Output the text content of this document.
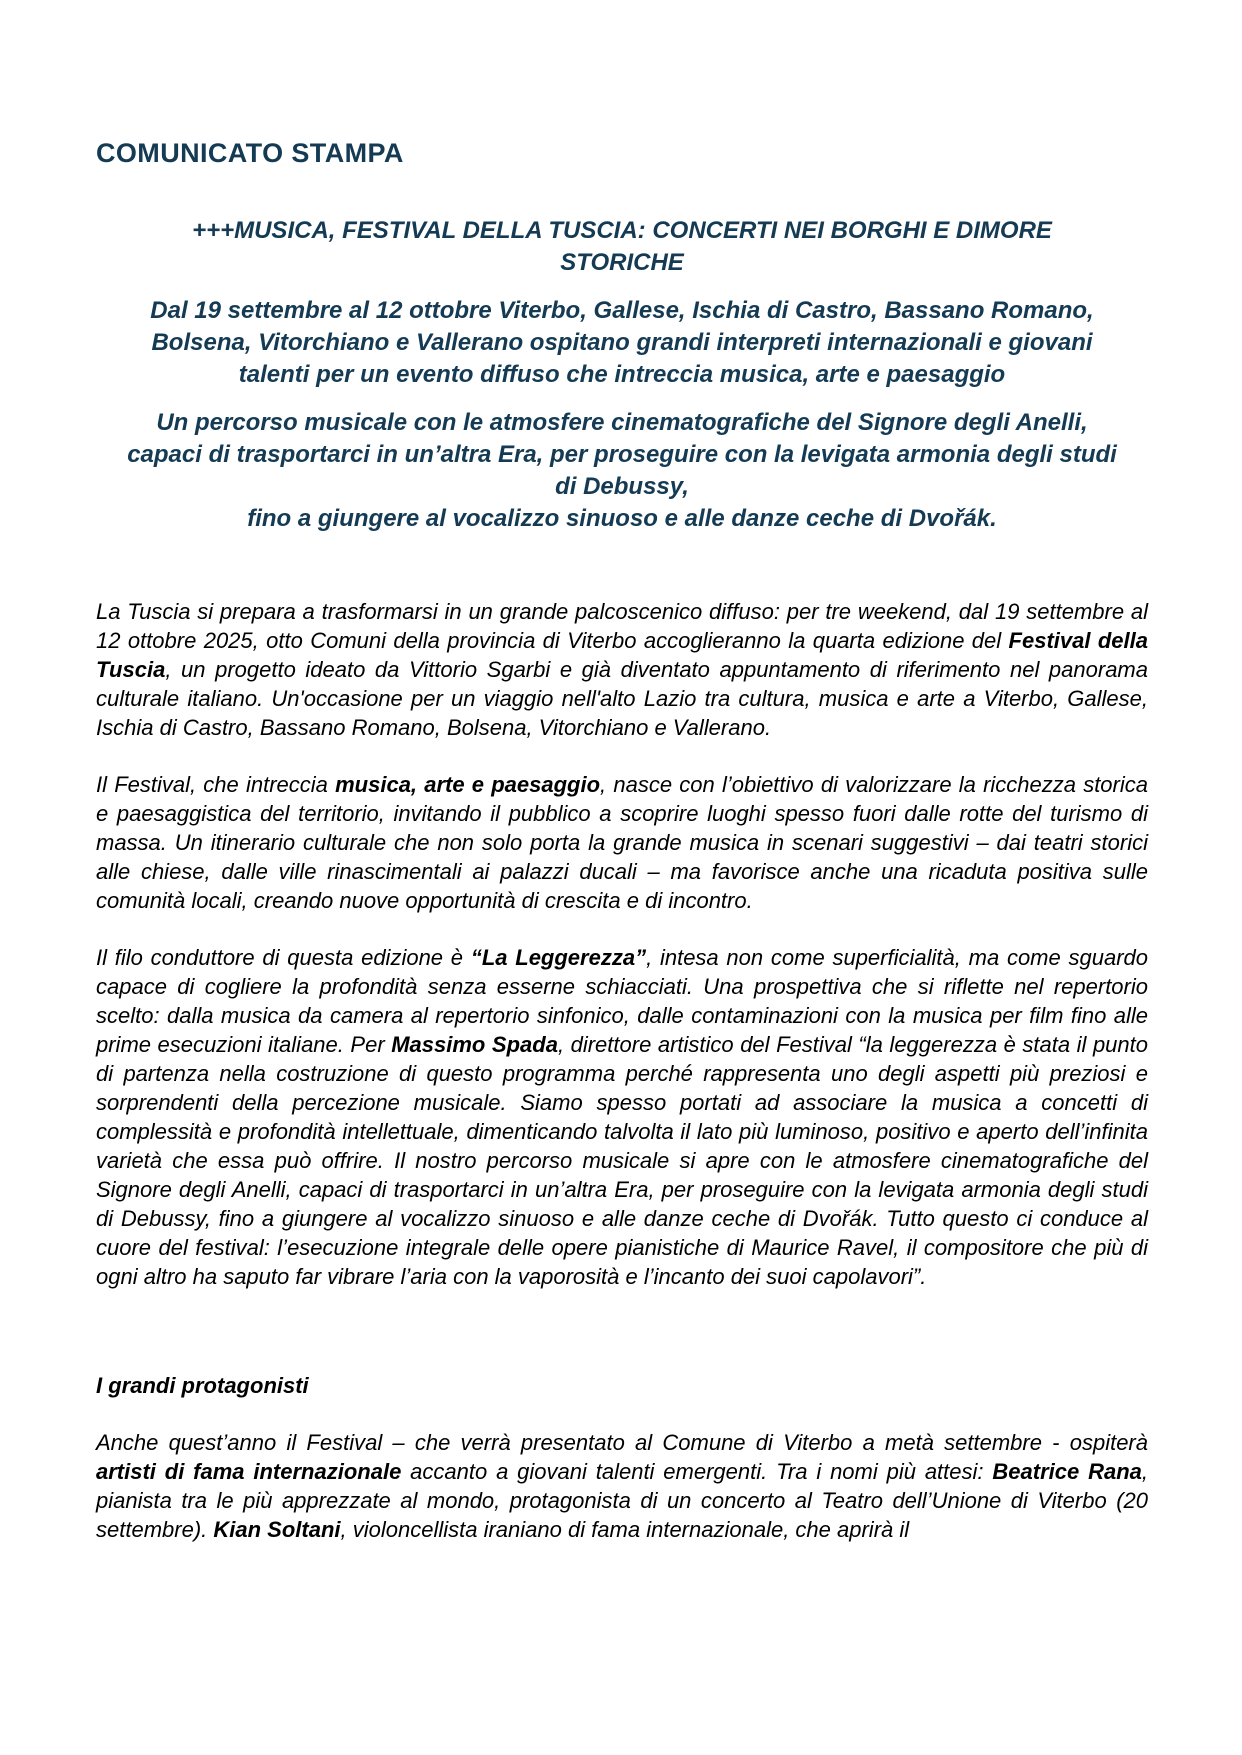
COMUNICATO STAMPA
+++MUSICA, FESTIVAL DELLA TUSCIA: CONCERTI NEI BORGHI E DIMORE STORICHE
Dal 19 settembre al 12 ottobre Viterbo, Gallese, Ischia di Castro, Bassano Romano, Bolsena, Vitorchiano e Vallerano ospitano grandi interpreti internazionali e giovani talenti per un evento diffuso che intreccia musica, arte e paesaggio
Un percorso musicale con le atmosfere cinematografiche del Signore degli Anelli, capaci di trasportarci in un’altra Era, per proseguire con la levigata armonia degli studi di Debussy,
fino a giungere al vocalizzo sinuoso e alle danze ceche di Dvořák.

La Tuscia si prepara a trasformarsi in un grande palcoscenico diffuso: per tre weekend, dal 19 settembre al 12 ottobre 2025, otto Comuni della provincia di Viterbo accoglieranno la quarta edizione del Festival della Tuscia, un progetto ideato da Vittorio Sgarbi e già diventato appuntamento di riferimento nel panorama culturale italiano. Un'occasione per un viaggio nell'alto Lazio tra cultura, musica e arte a Viterbo, Gallese, Ischia di Castro, Bassano Romano, Bolsena, Vitorchiano e Vallerano.

Il Festival, che intreccia musica, arte e paesaggio, nasce con l’obiettivo di valorizzare la ricchezza storica e paesaggistica del territorio, invitando il pubblico a scoprire luoghi spesso fuori dalle rotte del turismo di massa. Un itinerario culturale che non solo porta la grande musica in scenari suggestivi – dai teatri storici alle chiese, dalle ville rinascimentali ai palazzi ducali – ma favorisce anche una ricaduta positiva sulle comunità locali, creando nuove opportunità di crescita e di incontro.

Il filo conduttore di questa edizione è “La Leggerezza”, intesa non come superficialità, ma come sguardo capace di cogliere la profondità senza esserne schiacciati. Una prospettiva che si riflette nel repertorio scelto: dalla musica da camera al repertorio sinfonico, dalle contaminazioni con la musica per film fino alle prime esecuzioni italiane. Per Massimo Spada, direttore artistico del Festival “la leggerezza è stata il punto di partenza nella costruzione di questo programma perché rappresenta uno degli aspetti più preziosi e sorprendenti della percezione musicale. Siamo spesso portati ad associare la musica a concetti di complessità e profondità intellettuale, dimenticando talvolta il lato più luminoso, positivo e aperto dell’infinita varietà che essa può offrire. Il nostro percorso musicale si apre con le atmosfere cinematografiche del Signore degli Anelli, capaci di trasportarci in un’altra Era, per proseguire con la levigata armonia degli studi di Debussy, fino a giungere al vocalizzo sinuoso e alle danze ceche di Dvořák. Tutto questo ci conduce al cuore del festival: l’esecuzione integrale delle opere pianistiche di Maurice Ravel, il compositore che più di ogni altro ha saputo far vibrare l’aria con la vaporosità e l’incanto dei suoi capolavori”.

I grandi protagonisti

Anche quest’anno il Festival – che verrà presentato al Comune di Viterbo a metà settembre - ospiterà artisti di fama internazionale accanto a giovani talenti emergenti. Tra i nomi più attesi: Beatrice Rana, pianista tra le più apprezzate al mondo, protagonista di un concerto al Teatro dell’Unione di Viterbo (20 settembre). Kian Soltani, violoncellista iraniano di fama internazionale, che aprirà il
